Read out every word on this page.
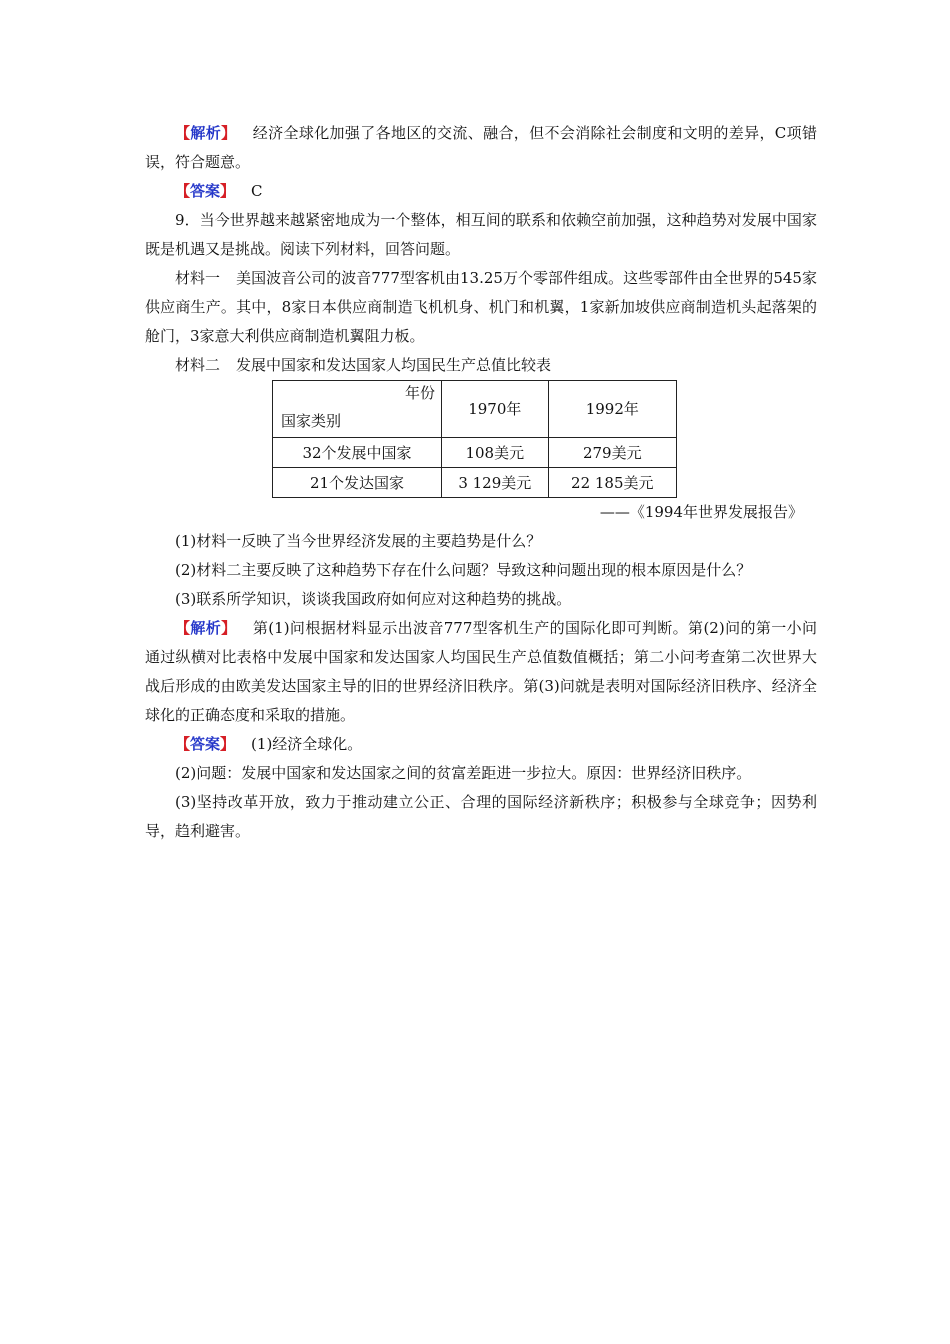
【解析】 经济全球化加强了各地区的交流、融合，但不会消除社会制度和文明的差异，C项错误，符合题意。

【答案】 C

9．当今世界越来越紧密地成为一个整体，相互间的联系和依赖空前加强，这种趋势对发展中国家既是机遇又是挑战。阅读下列材料，回答问题。

材料一 美国波音公司的波音777型客机由13.25万个零部件组成。这些零部件由全世界的545家供应商生产。其中，8家日本供应商制造飞机机身、机门和机翼，1家新加坡供应商制造机头起落架的舱门，3家意大利供应商制造机翼阻力板。

材料二 发展中国家和发达国家人均国民生产总值比较表

年份
国家类别	1970年	1992年
32个发展中国家	108美元	279美元
21个发达国家	3 129美元	22 185美元

——《1994年世界发展报告》

(1)材料一反映了当今世界经济发展的主要趋势是什么？

(2)材料二主要反映了这种趋势下存在什么问题？导致这种问题出现的根本原因是什么？

(3)联系所学知识，谈谈我国政府如何应对这种趋势的挑战。

【解析】 第(1)问根据材料显示出波音777型客机生产的国际化即可判断。第(2)问的第一小问通过纵横对比表格中发展中国家和发达国家人均国民生产总值数值概括；第二小问考查第二次世界大战后形成的由欧美发达国家主导的旧的世界经济旧秩序。第(3)问就是表明对国际经济旧秩序、经济全球化的正确态度和采取的措施。

【答案】 (1)经济全球化。

(2)问题：发展中国家和发达国家之间的贫富差距进一步拉大。原因：世界经济旧秩序。

(3)坚持改革开放，致力于推动建立公正、合理的国际经济新秩序；积极参与全球竞争；因势利导，趋利避害。
